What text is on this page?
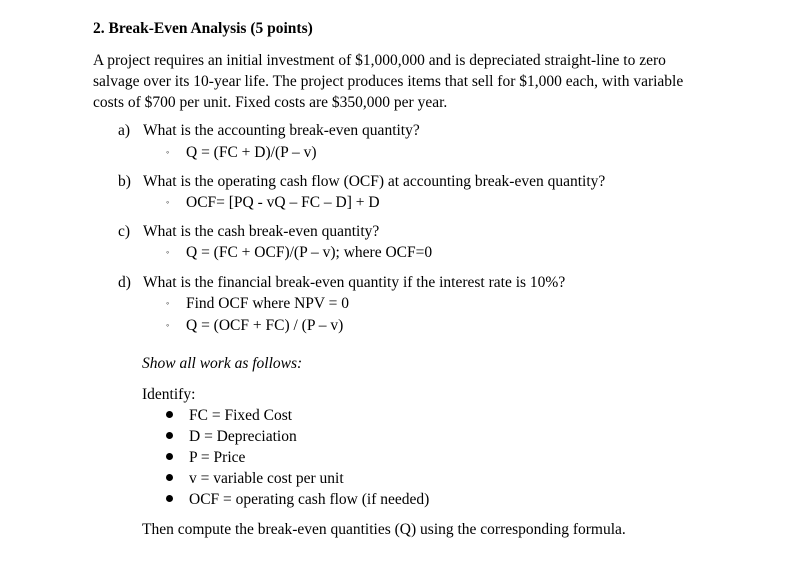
2. Break-Even Analysis (5 points)
A project requires an initial investment of $1,000,000 and is depreciated straight-line to zero
salvage over its 10-year life. The project produces items that sell for $1,000 each, with variable
costs of $700 per unit. Fixed costs are $350,000 per year.
a) What is the accounting break-even quantity?
◦ Q = (FC + D)/(P – v)
b) What is the operating cash flow (OCF) at accounting break-even quantity?
◦ OCF= [PQ - vQ – FC – D] + D
c) What is the cash break-even quantity?
◦ Q = (FC + OCF)/(P – v); where OCF=0
d) What is the financial break-even quantity if the interest rate is 10%?
◦ Find OCF where NPV = 0
◦ Q = (OCF + FC) / (P – v)
Show all work as follows:
Identify:
FC = Fixed Cost
D = Depreciation
P = Price
v = variable cost per unit
OCF = operating cash flow (if needed)
Then compute the break-even quantities (Q) using the corresponding formula.
